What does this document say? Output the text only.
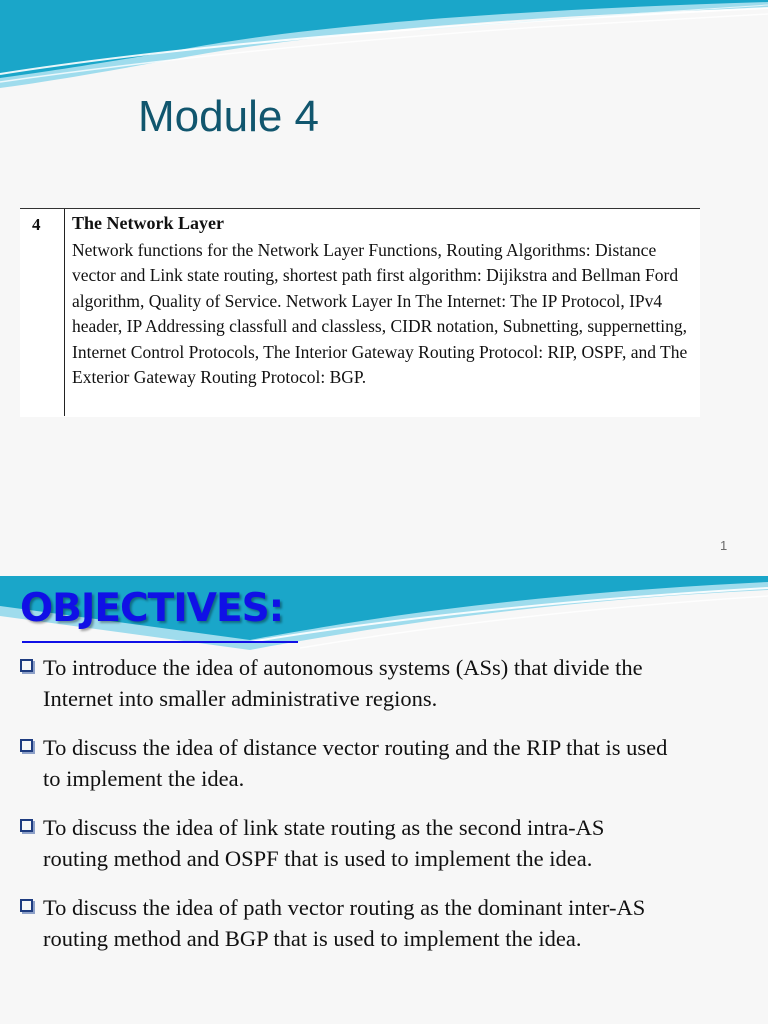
Module 4
4 The Network Layer
Network functions for the Network Layer Functions, Routing Algorithms: Distance
vector and Link state routing, shortest path first algorithm: Dijikstra and Bellman Ford
algorithm, Quality of Service. Network Layer In The Internet: The IP Protocol, IPv4
header, IP Addressing classfull and classless, CIDR notation, Subnetting, suppernetting,
Internet Control Protocols, The Interior Gateway Routing Protocol: RIP, OSPF, and The
Exterior Gateway Routing Protocol: BGP.
1
OBJECTIVES:
To introduce the idea of autonomous systems (ASs) that divide the
Internet into smaller administrative regions.
To discuss the idea of distance vector routing and the RIP that is used
to implement the idea.
To discuss the idea of link state routing as the second intra-AS
routing method and OSPF that is used to implement the idea.
To discuss the idea of path vector routing as the dominant inter-AS
routing method and BGP that is used to implement the idea.
